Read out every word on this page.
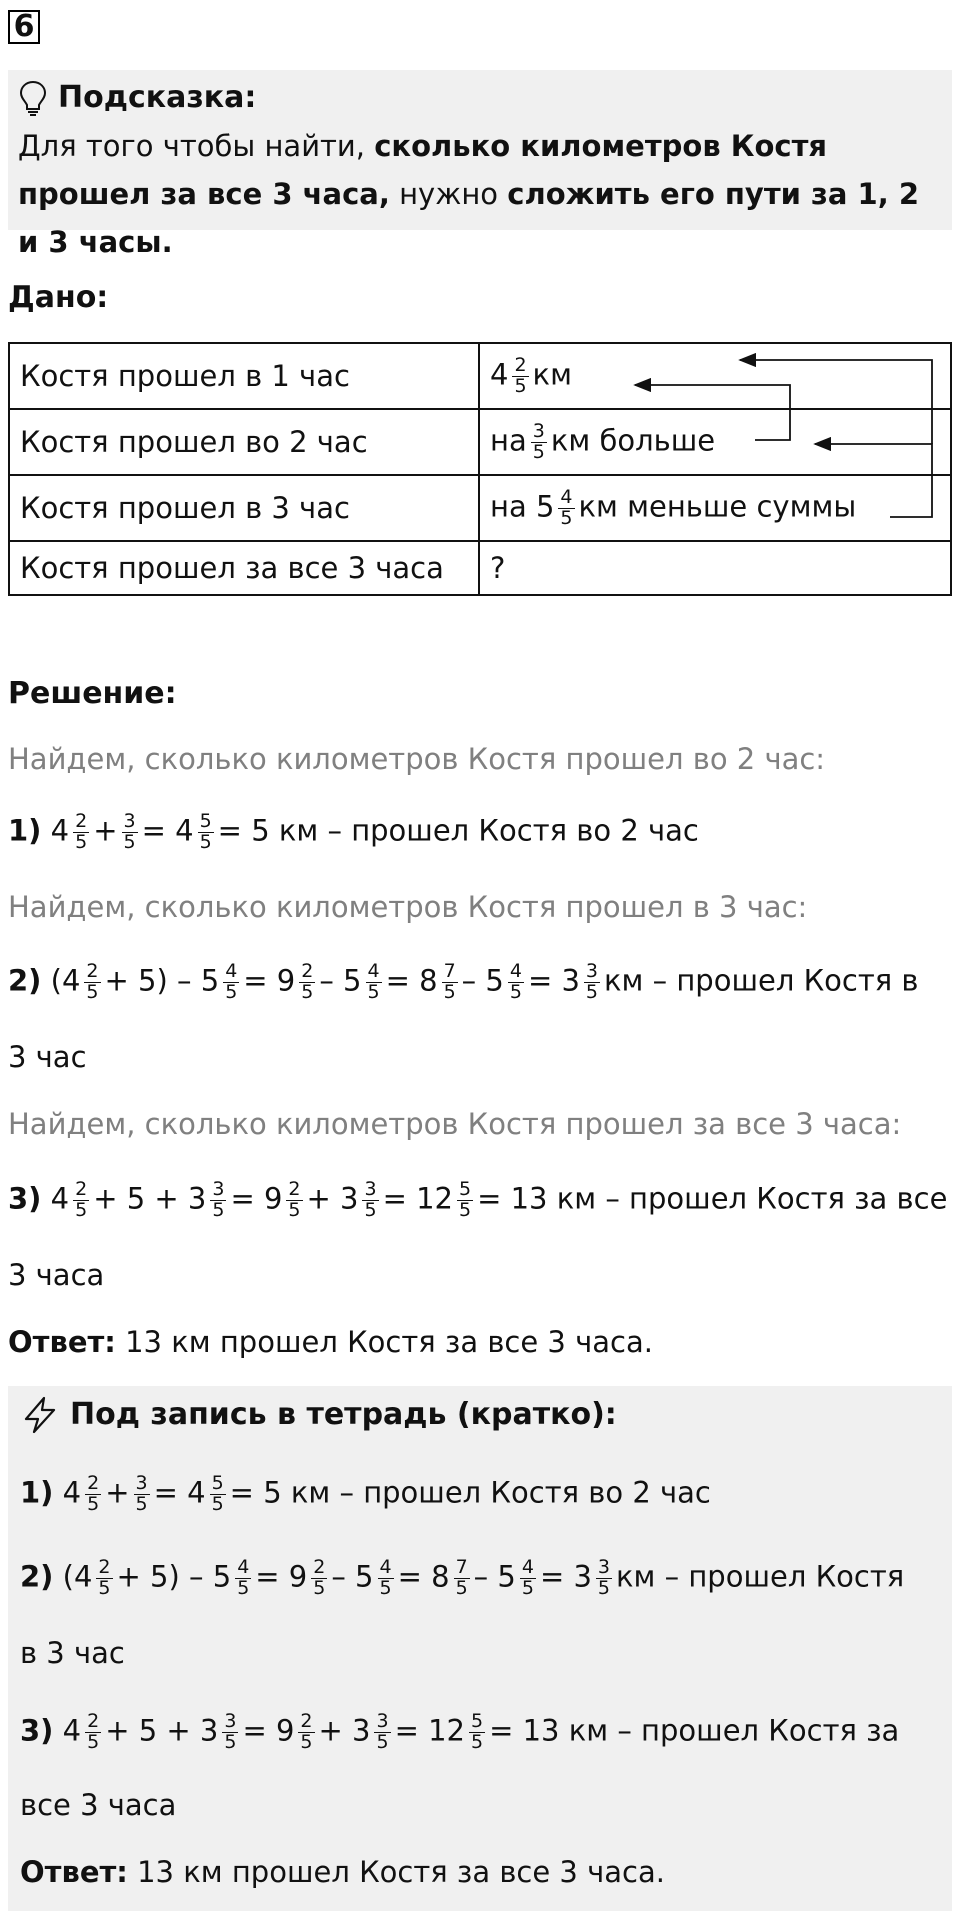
6
Подсказка:
Для того чтобы найти, сколько километров Костя прошел за все 3 часа, нужно сложить его пути за 1, 2 и 3 часы.
Дано:
Костя прошел в 1 час	$4 \frac{2}{5}$ км
Костя прошел во 2 час	на $\frac{3}{5}$ км больше
Костя прошел в 3 час	на $5 \frac{4}{5}$ км меньше суммы
Костя прошел за все 3 часа	?
Решение:
Найдем, сколько километров Костя прошел во 2 час:
1) $4 \frac{2}{5} + \frac{3}{5} = 4 \frac{5}{5} = 5$ км – прошел Костя во 2 час
Найдем, сколько километров Костя прошел в 3 час:
2) $(4 \frac{2}{5} + 5) - 5 \frac{4}{5} = 9 \frac{2}{5} - 5 \frac{4}{5} = 8 \frac{7}{5} - 5 \frac{4}{5} = 3 \frac{3}{5}$ км – прошел Костя в
3 час
Найдем, сколько километров Костя прошел за все 3 часа:
3) $4 \frac{2}{5} + 5 + 3 \frac{3}{5} = 9 \frac{2}{5} + 3 \frac{3}{5} = 12 \frac{5}{5} = 13$ км – прошел Костя за все
3 часа
Ответ: 13 км прошел Костя за все 3 часа.
Под запись в тетрадь (кратко):
1) $4 \frac{2}{5} + \frac{3}{5} = 4 \frac{5}{5} = 5$ км – прошел Костя во 2 час
2) $(4 \frac{2}{5} + 5) - 5 \frac{4}{5} = 9 \frac{2}{5} - 5 \frac{4}{5} = 8 \frac{7}{5} - 5 \frac{4}{5} = 3 \frac{3}{5}$ км – прошел Костя
в 3 час
3) $4 \frac{2}{5} + 5 + 3 \frac{3}{5} = 9 \frac{2}{5} + 3 \frac{3}{5} = 12 \frac{5}{5} = 13$ км – прошел Костя за
все 3 часа
Ответ: 13 км прошел Костя за все 3 часа.
